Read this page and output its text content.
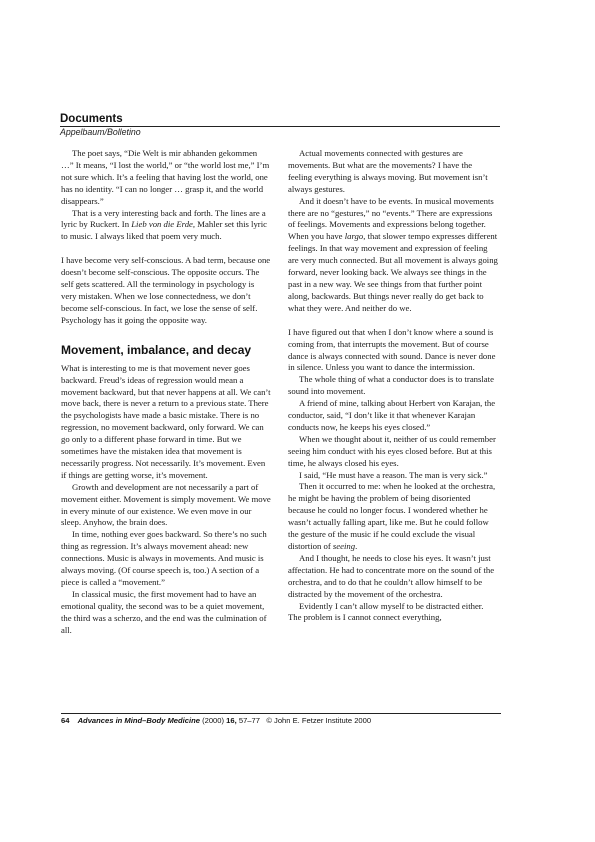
Documents
Appelbaum/Bolletino

The poet says, “Die Welt is mir abhanden gekommen …” It means, “I lost the world,” or “the world lost me,” I’m not sure which. It’s a feeling that having lost the world, one has no identity. “I can no longer … grasp it, and the world disappears.”

That is a very interesting back and forth. The lines are a lyric by Ruckert. In Lieb von die Erde, Mahler set this lyric to music. I always liked that poem very much.

I have become very self-conscious. A bad term, because one doesn’t become self-conscious. The opposite occurs. The self gets scattered. All the terminology in psychology is very mistaken. When we lose connectedness, we don’t become self-conscious. In fact, we lose the sense of self. Psychology has it going the opposite way.

Movement, imbalance, and decay

What is interesting to me is that movement never goes backward. Freud’s ideas of regression would mean a movement backward, but that never happens at all. We can’t move back, there is never a return to a previous state. There the psychologists have made a basic mistake. There is no regression, no movement backward, only forward. We can go only to a different phase forward in time. But we sometimes have the mistaken idea that movement is necessarily progress. Not necessarily. It’s movement. Even if things are getting worse, it’s movement.

Growth and development are not necessarily a part of movement either. Movement is simply movement. We move in every minute of our existence. We even move in our sleep. Anyhow, the brain does.

In time, nothing ever goes backward. So there’s no such thing as regression. It’s always movement ahead: new connections. Music is always in movements. And music is always moving. (Of course speech is, too.) A section of a piece is called a “movement.”

In classical music, the first movement had to have an emotional quality, the second was to be a quiet movement, the third was a scherzo, and the end was the culmination of all.

Actual movements connected with gestures are movements. But what are the movements? I have the feeling everything is always moving. But movement isn’t always gestures.

And it doesn’t have to be events. In musical movements there are no “gestures,” no “events.” There are expressions of feelings. Movements and expressions belong together. When you have largo, that slower tempo expresses different feelings. In that way movement and expression of feeling are very much connected. But all movement is always going forward, never looking back. We always see things in the past in a new way. We see things from that further point along, backwards. But things never really do get back to what they were. And neither do we.

I have figured out that when I don’t know where a sound is coming from, that interrupts the movement. But of course dance is always connected with sound. Dance is never done in silence. Unless you want to dance the intermission.

The whole thing of what a conductor does is to translate sound into movement.

A friend of mine, talking about Herbert von Karajan, the conductor, said, “I don’t like it that whenever Karajan conducts now, he keeps his eyes closed.”

When we thought about it, neither of us could remember seeing him conduct with his eyes closed before. But at this time, he always closed his eyes.

I said, “He must have a reason. The man is very sick.”

Then it occurred to me: when he looked at the orchestra, he might be having the problem of being disoriented because he could no longer focus. I wondered whether he wasn’t actually falling apart, like me. But he could follow the gesture of the music if he could exclude the visual distortion of seeing.

And I thought, he needs to close his eyes. It wasn’t just affectation. He had to concentrate more on the sound of the orchestra, and to do that he couldn’t allow himself to be distracted by the movement of the orchestra.

Evidently I can’t allow myself to be distracted either. The problem is I cannot connect everything,

64 Advances in Mind–Body Medicine (2000) 16, 57–77 © John E. Fetzer Institute 2000
